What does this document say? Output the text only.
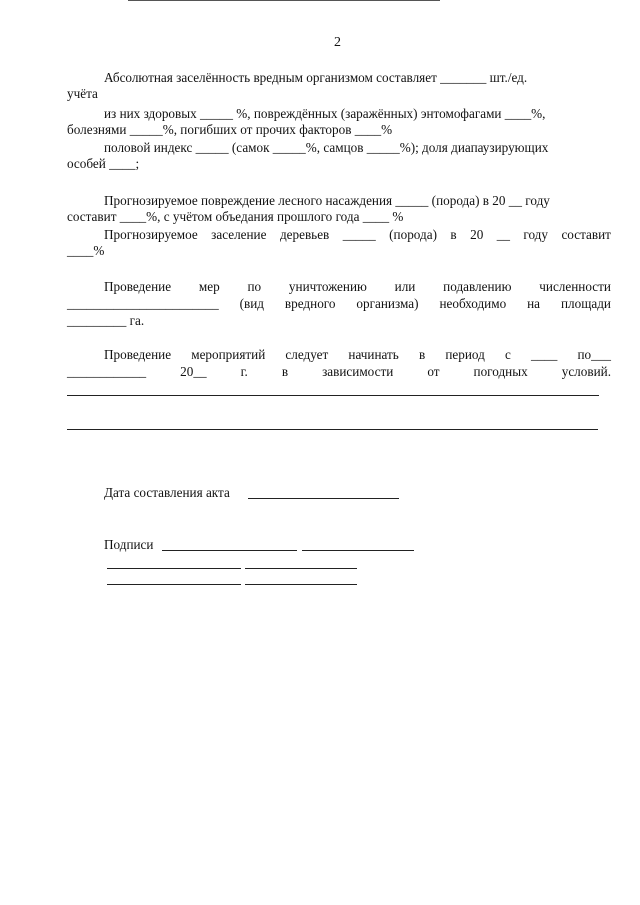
2
Абсолютная заселённость вредным организмом составляет _______ шт./ед.
учёта
из них здоровых _____ %, повреждённых (заражённых) энтомофагами ____%,
болезнями _____%, погибших от прочих факторов ____%
половой индекс _____ (самок _____%, самцов _____%); доля диапаузирующих
особей ____;
Прогнозируемое повреждение лесного насаждения _____ (порода) в 20 __ году
составит ____%, с учётом объедания прошлого года ____ %
Прогнозируемое заселение деревьев _____ (порода) в 20 __ году составит
____%
Проведение мер по уничтожению или подавлению численности
_______________________ (вид вредного организма) необходимо на площади
_________ га.
Проведение мероприятий следует начинать в период с ____ по___
____________	20__	г.	в	зависимости	от	погодных	условий.
Дата составления акта
Подписи
